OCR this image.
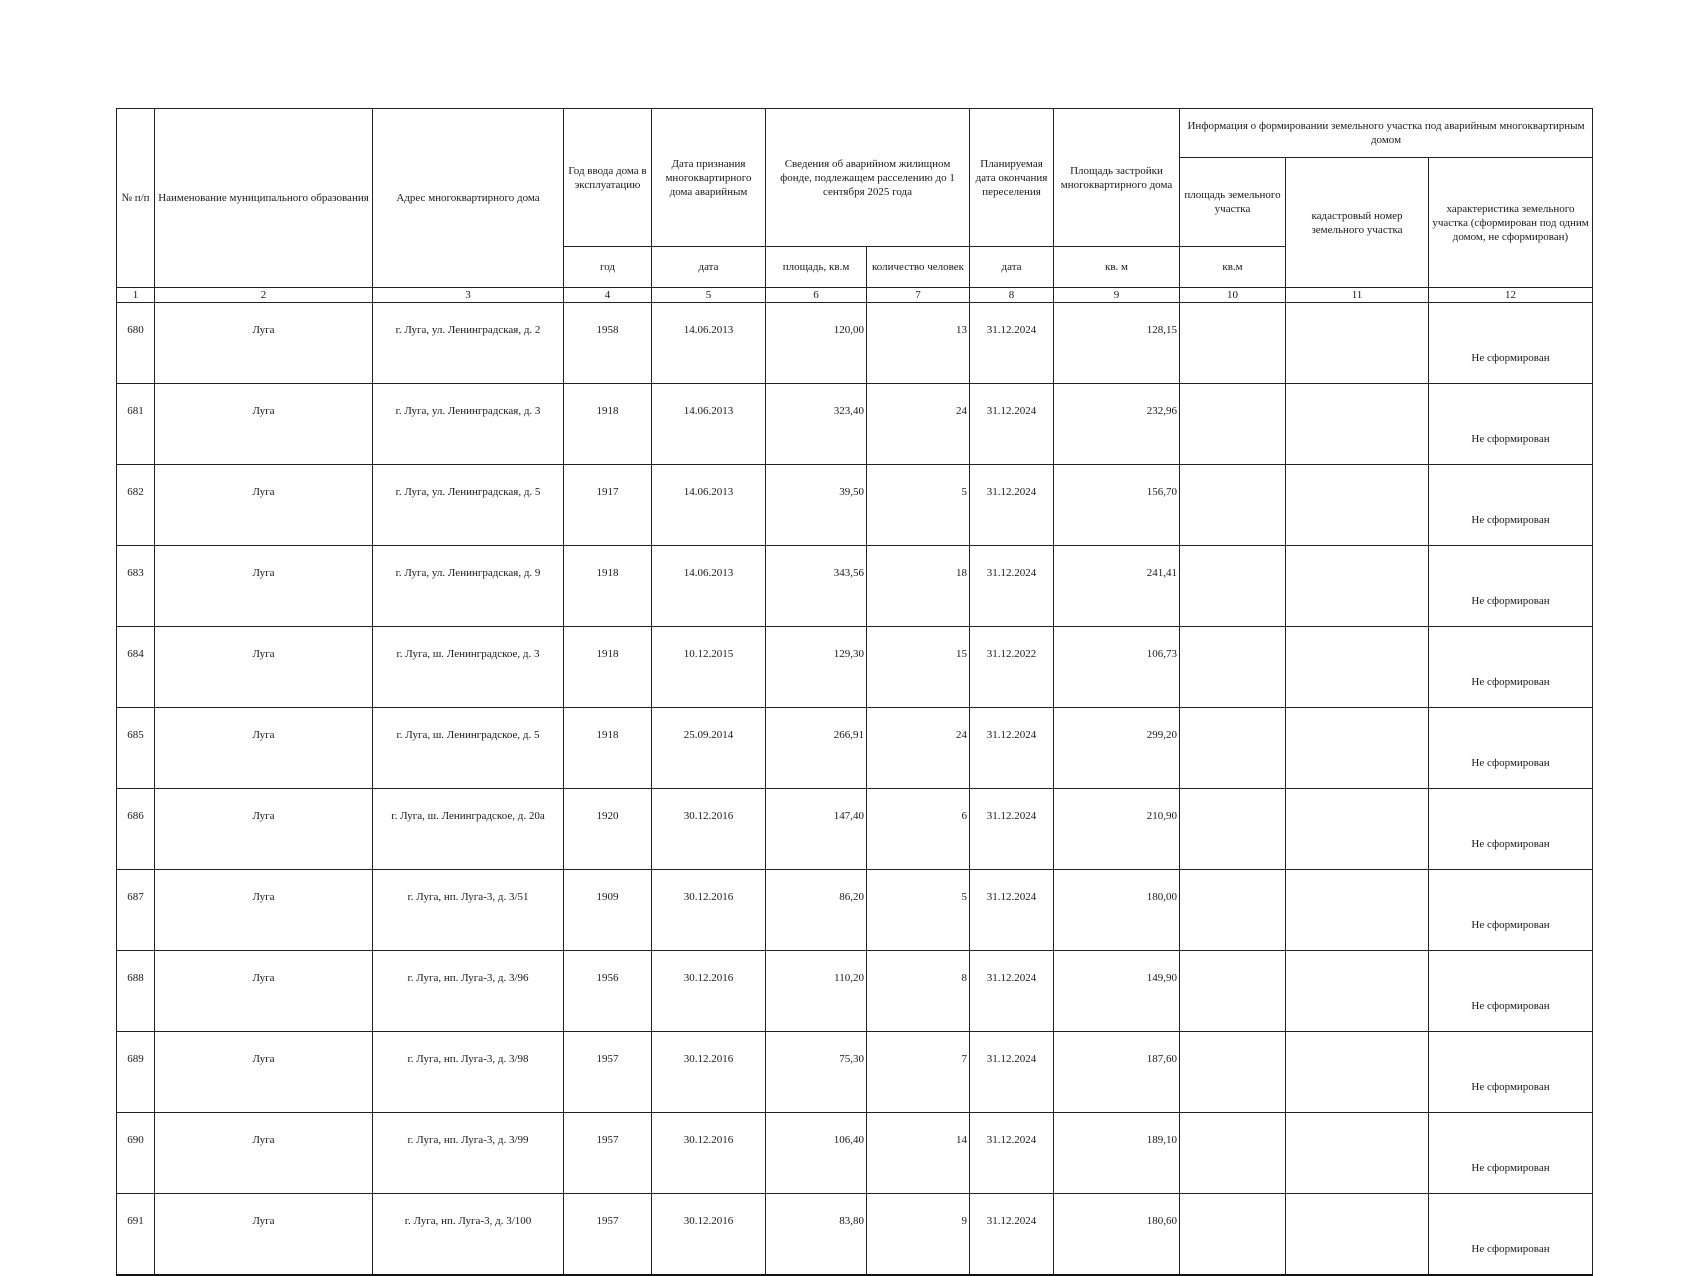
№ п/п	Наименование муниципального образования	Адрес многоквартирного дома	Год ввода дома в эксплуатацию	Дата признания многоквартирного дома аварийным	Сведения об аварийном жилищном фонде, подлежащем расселению до 1 сентября 2025 года		Планируемая дата окончания переселения	Площадь застройки многоквартирного дома	Информация о формировании земельного участка под аварийным многоквартирным домом		
									площадь земельного участка	кадастровый номер земельного участка	характеристика земельного участка (сформирован под одним домом, не сформирован)
			год	дата	площадь, кв.м	количество человек	дата	кв. м	кв.м		
1	2	3	4	5	6	7	8	9	10	11	12
680	Луга	г. Луга, ул. Ленинградская, д. 2	1958	14.06.2013	120,00	13	31.12.2024	128,15			Не сформирован
681	Луга	г. Луга, ул. Ленинградская, д. 3	1918	14.06.2013	323,40	24	31.12.2024	232,96			Не сформирован
682	Луга	г. Луга, ул. Ленинградская, д. 5	1917	14.06.2013	39,50	5	31.12.2024	156,70			Не сформирован
683	Луга	г. Луга, ул. Ленинградская, д. 9	1918	14.06.2013	343,56	18	31.12.2024	241,41			Не сформирован
684	Луга	г. Луга, ш. Ленинградское, д. 3	1918	10.12.2015	129,30	15	31.12.2022	106,73			Не сформирован
685	Луга	г. Луга, ш. Ленинградское, д. 5	1918	25.09.2014	266,91	24	31.12.2024	299,20			Не сформирован
686	Луга	г. Луга, ш. Ленинградское, д. 20а	1920	30.12.2016	147,40	6	31.12.2024	210,90			Не сформирован
687	Луга	г. Луга, нп. Луга-3, д. 3/51	1909	30.12.2016	86,20	5	31.12.2024	180,00			Не сформирован
688	Луга	г. Луга, нп. Луга-3, д. 3/96	1956	30.12.2016	110,20	8	31.12.2024	149,90			Не сформирован
689	Луга	г. Луга, нп. Луга-3, д. 3/98	1957	30.12.2016	75,30	7	31.12.2024	187,60			Не сформирован
690	Луга	г. Луга, нп. Луга-3, д. 3/99	1957	30.12.2016	106,40	14	31.12.2024	189,10			Не сформирован
691	Луга	г. Луга, нп. Луга-3, д. 3/100	1957	30.12.2016	83,80	9	31.12.2024	180,60			Не сформирован
